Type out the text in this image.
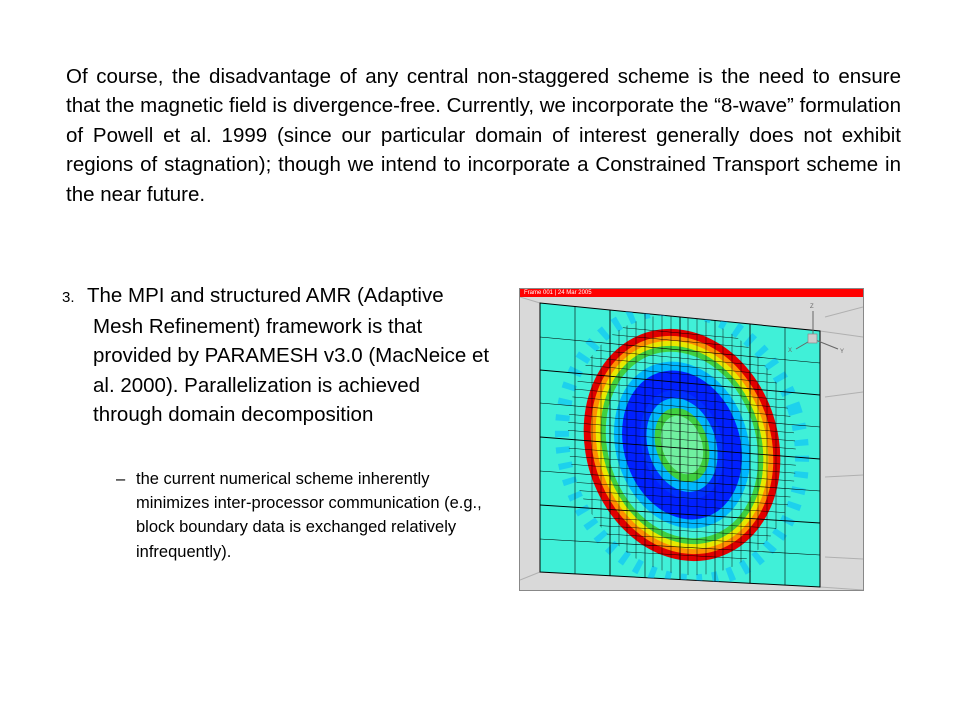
Of course, the disadvantage of any central non-staggered scheme is the need to ensure that the magnetic field is divergence-free. Currently, we incorporate the “8-wave” formulation of Powell et al. 1999 (since our particular domain of interest generally does not exhibit regions of stagnation); though we intend to incorporate a Constrained Transport scheme in the near future.

3. The MPI and structured AMR (Adaptive Mesh Refinement) framework is that provided by PARAMESH v3.0 (MacNeice et al. 2000). Parallelization is achieved through domain decomposition

– the current numerical scheme inherently minimizes inter-processor communication (e.g., block boundary data is exchanged relatively infrequently).

Frame 001 | 24 Mar 2005
Z
X	Y
